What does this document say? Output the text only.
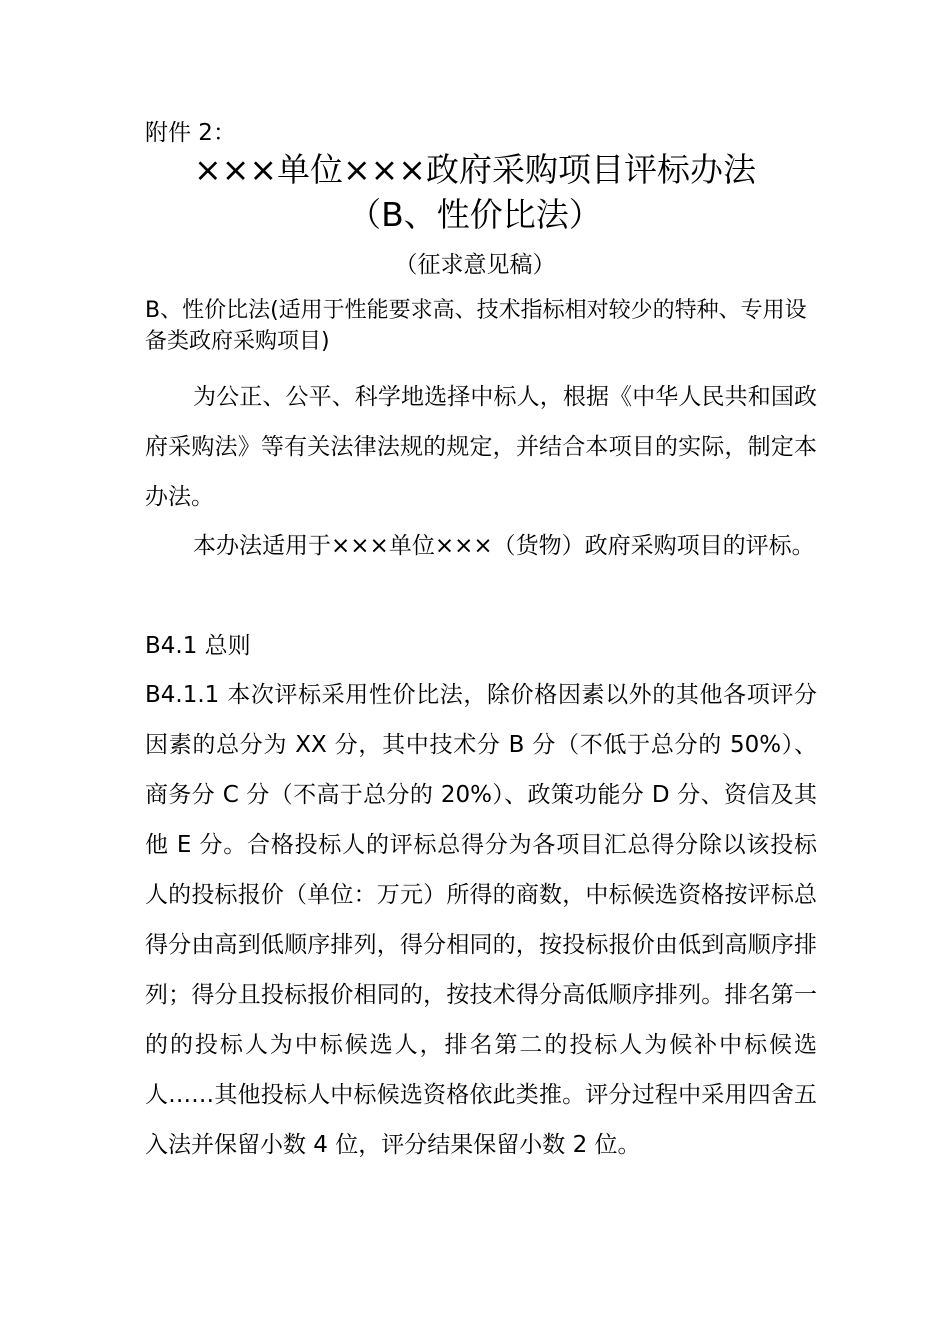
附件 2：
×××单位×××政府采购项目评标办法
（B、性价比法）
（征求意见稿）
B、性价比法(适用于性能要求高、技术指标相对较少的特种、专用设备类政府采购项目)
为公正、公平、科学地选择中标人，根据《中华人民共和国政府采购法》等有关法律法规的规定，并结合本项目的实际，制定本办法。
本办法适用于×××单位×××（货物）政府采购项目的评标。
B4.1 总则
B4.1.1 本次评标采用性价比法，除价格因素以外的其他各项评分因素的总分为 XX 分，其中技术分 B 分（不低于总分的 50%）、商务分 C 分（不高于总分的 20%）、政策功能分 D 分、资信及其他 E 分。合格投标人的评标总得分为各项目汇总得分除以该投标人的投标报价（单位：万元）所得的商数，中标候选资格按评标总得分由高到低顺序排列，得分相同的，按投标报价由低到高顺序排列；得分且投标报价相同的，按技术得分高低顺序排列。排名第一的的投标人为中标候选人，排名第二的投标人为候补中标候选人……其他投标人中标候选资格依此类推。评分过程中采用四舍五入法并保留小数 4 位，评分结果保留小数 2 位。
